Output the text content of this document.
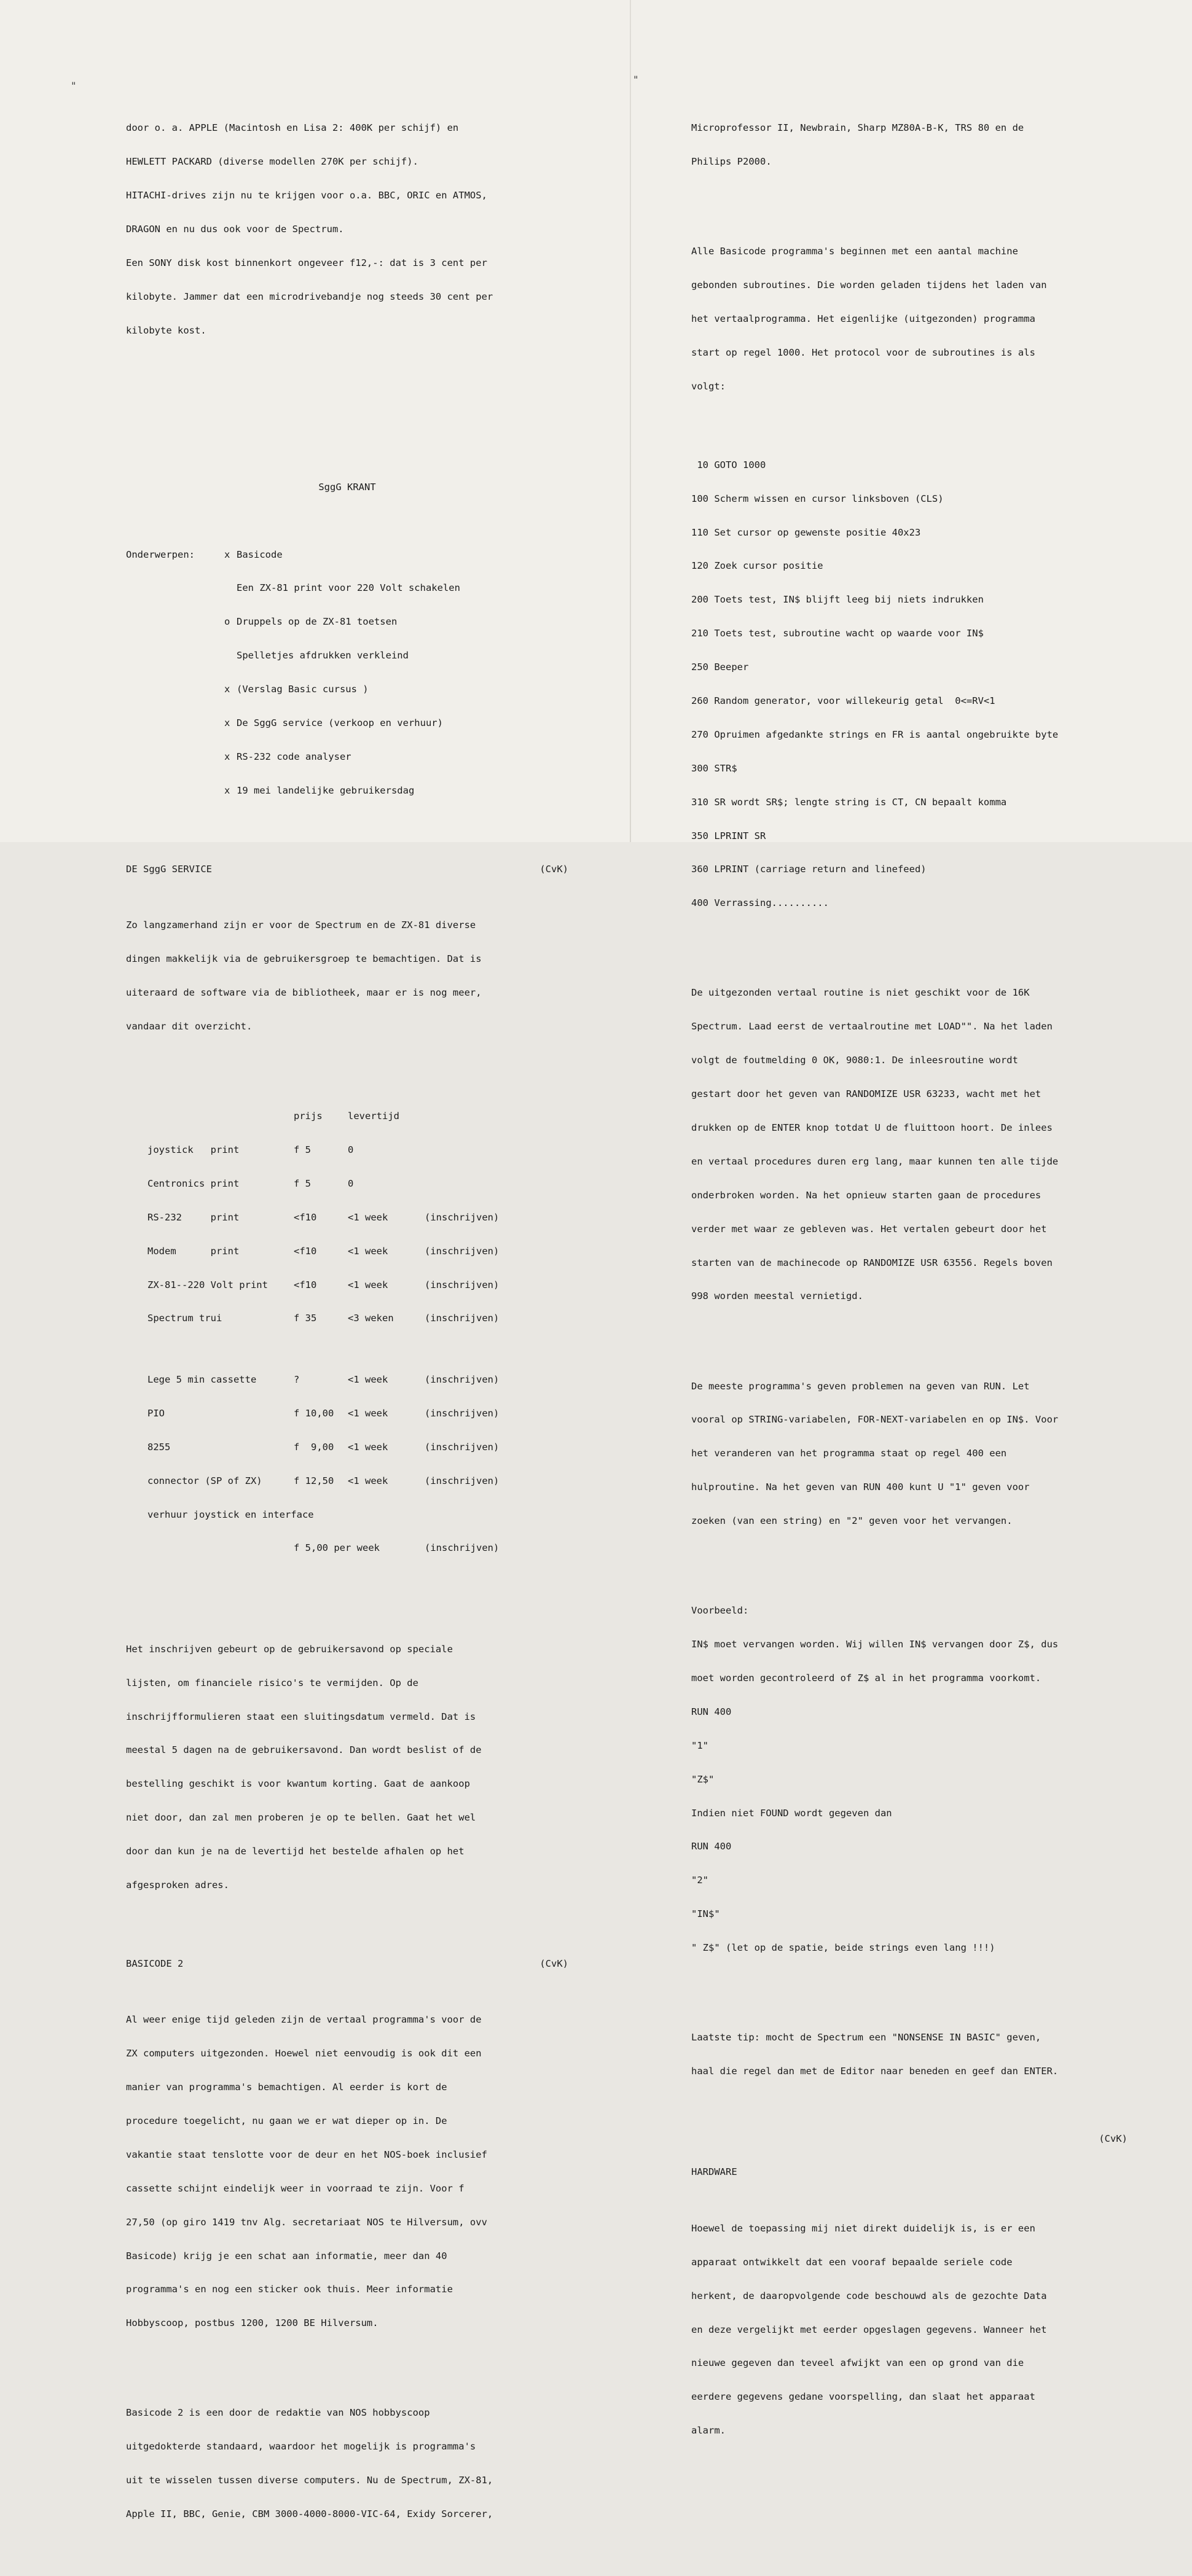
"
"

door o. a. APPLE (Macintosh en Lisa 2: 400K per schijf) en

HEWLETT PACKARD (diverse modellen 270K per schijf).

HITACHI-drives zijn nu te krijgen voor o.a. BBC, ORIC en ATMOS,

DRAGON en nu dus ook voor de Spectrum.

Een SONY disk kost binnenkort ongeveer f12,-: dat is 3 cent per

kilobyte. Jammer dat een microdrivebandje nog steeds 30 cent per

kilobyte kost.

SggG KRANT

Onderwerpen:	x Basicode

Een ZX-81 print voor 220 Volt schakelen

o Druppels op de ZX-81 toetsen

Spelletjes afdrukken verkleind

x (Verslag Basic cursus )

x De SggG service (verkoop en verhuur)

x RS-232 code analyser

x 19 mei landelijke gebruikersdag

DE SggG SERVICE	(CvK)

Zo langzamerhand zijn er voor de Spectrum en de ZX-81 diverse

dingen makkelijk via de gebruikersgroep te bemachtigen. Dat is

uiteraard de software via de bibliotheek, maar er is nog meer,

vandaar dit overzicht.

prijs	levertijd

joystick   print	f 5	0

Centronics print	f 5	0

RS-232     print	<f10	<1 week	(inschrijven)

Modem      print	<f10	<1 week	(inschrijven)

ZX-81--220 Volt print	<f10	<1 week	(inschrijven)

Spectrum trui	f 35	<3 weken	(inschrijven)

Lege 5 min cassette	?	<1 week	(inschrijven)

PIO	f 10,00	<1 week	(inschrijven)

8255	f  9,00	<1 week	(inschrijven)

connector (SP of ZX)	f 12,50	<1 week	(inschrijven)

verhuur joystick en interface

f 5,00 per week	(inschrijven)

Het inschrijven gebeurt op de gebruikersavond op speciale

lijsten, om financiele risico's te vermijden. Op de

inschrijfformulieren staat een sluitingsdatum vermeld. Dat is

meestal 5 dagen na de gebruikersavond. Dan wordt beslist of de

bestelling geschikt is voor kwantum korting. Gaat de aankoop

niet door, dan zal men proberen je op te bellen. Gaat het wel

door dan kun je na de levertijd het bestelde afhalen op het

afgesproken adres.

BASICODE 2	(CvK)

Al weer enige tijd geleden zijn de vertaal programma's voor de

ZX computers uitgezonden. Hoewel niet eenvoudig is ook dit een

manier van programma's bemachtigen. Al eerder is kort de

procedure toegelicht, nu gaan we er wat dieper op in. De

vakantie staat tenslotte voor de deur en het NOS-boek inclusief

cassette schijnt eindelijk weer in voorraad te zijn. Voor f

27,50 (op giro 1419 tnv Alg. secretariaat NOS te Hilversum, ovv

Basicode) krijg je een schat aan informatie, meer dan 40

programma's en nog een sticker ook thuis. Meer informatie

Hobbyscoop, postbus 1200, 1200 BE Hilversum.

Basicode 2 is een door de redaktie van NOS hobbyscoop

uitgedokterde standaard, waardoor het mogelijk is programma's

uit te wisselen tussen diverse computers. Nu de Spectrum, ZX-81,

Apple II, BBC, Genie, CBM 3000-4000-8000-VIC-64, Exidy Sorcerer,

Microprofessor II, Newbrain, Sharp MZ80A-B-K, TRS 80 en de

Philips P2000.

Alle Basicode programma's beginnen met een aantal machine

gebonden subroutines. Die worden geladen tijdens het laden van

het vertaalprogramma. Het eigenlijke (uitgezonden) programma

start op regel 1000. Het protocol voor de subroutines is als

volgt:

10 GOTO 1000

100 Scherm wissen en cursor linksboven (CLS)

110 Set cursor op gewenste positie 40x23

120 Zoek cursor positie

200 Toets test, IN$ blijft leeg bij niets indrukken

210 Toets test, subroutine wacht op waarde voor IN$

250 Beeper

260 Random generator, voor willekeurig getal  0<=RV<1

270 Opruimen afgedankte strings en FR is aantal ongebruikte byte

300 STR$

310 SR wordt SR$; lengte string is CT, CN bepaalt komma

350 LPRINT SR

360 LPRINT (carriage return and linefeed)

400 Verrassing..........

De uitgezonden vertaal routine is niet geschikt voor de 16K

Spectrum. Laad eerst de vertaalroutine met LOAD"". Na het laden

volgt de foutmelding 0 OK, 9080:1. De inleesroutine wordt

gestart door het geven van RANDOMIZE USR 63233, wacht met het

drukken op de ENTER knop totdat U de fluittoon hoort. De inlees

en vertaal procedures duren erg lang, maar kunnen ten alle tijde

onderbroken worden. Na het opnieuw starten gaan de procedures

verder met waar ze gebleven was. Het vertalen gebeurt door het

starten van de machinecode op RANDOMIZE USR 63556. Regels boven

998 worden meestal vernietigd.

De meeste programma's geven problemen na geven van RUN. Let

vooral op STRING-variabelen, FOR-NEXT-variabelen en op IN$. Voor

het veranderen van het programma staat op regel 400 een

hulproutine. Na het geven van RUN 400 kunt U "1" geven voor

zoeken (van een string) en "2" geven voor het vervangen.

Voorbeeld:

IN$ moet vervangen worden. Wij willen IN$ vervangen door Z$, dus

moet worden gecontroleerd of Z$ al in het programma voorkomt.

RUN 400

"1"

"Z$"

Indien niet FOUND wordt gegeven dan

RUN 400

"2"

"IN$"

" Z$" (let op de spatie, beide strings even lang !!!)

Laatste tip: mocht de Spectrum een "NONSENSE IN BASIC" geven,

haal die regel dan met de Editor naar beneden en geef dan ENTER.

(CvK)

HARDWARE

Hoewel de toepassing mij niet direkt duidelijk is, is er een

apparaat ontwikkelt dat een vooraf bepaalde seriele code

herkent, de daaropvolgende code beschouwd als de gezochte Data

en deze vergelijkt met eerder opgeslagen gegevens. Wanneer het

nieuwe gegeven dan teveel afwijkt van een op grond van die

eerdere gegevens gedane voorspelling, dan slaat het apparaat

alarm.
